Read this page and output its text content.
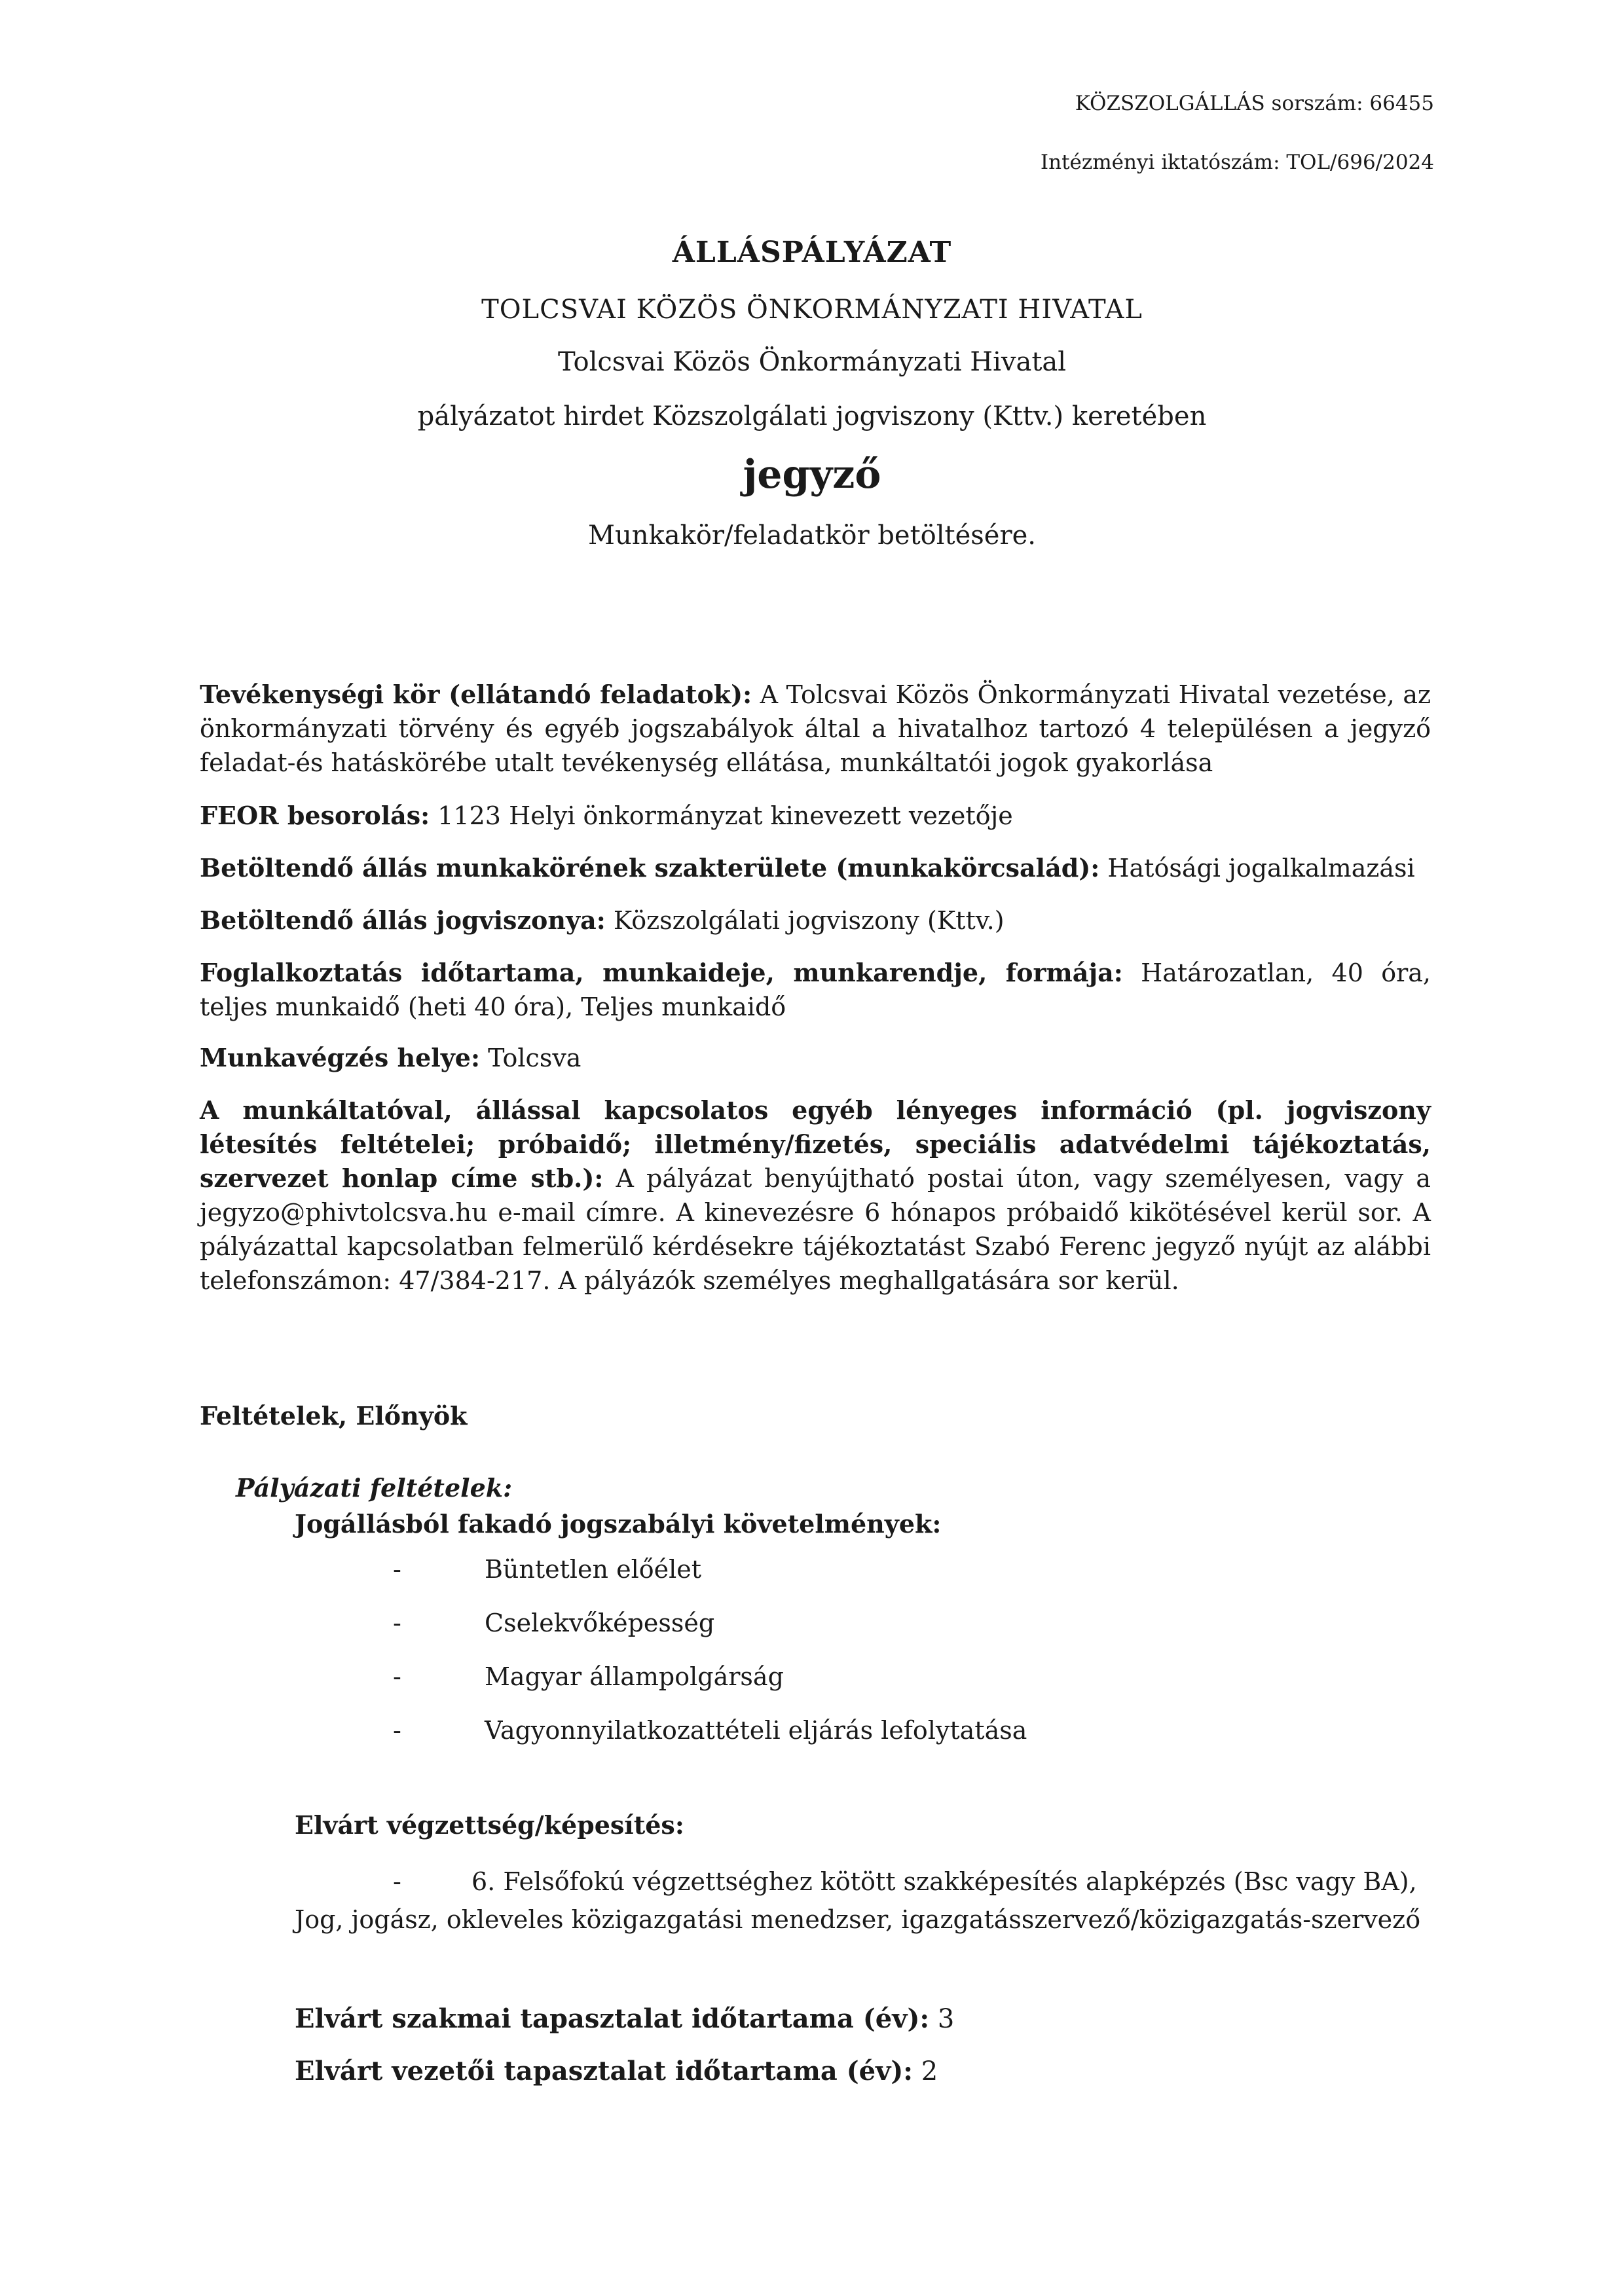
KÖZSZOLGÁLLÁS sorszám: 66455
Intézményi iktatószám: TOL/696/2024
ÁLLÁSPÁLYÁZAT
TOLCSVAI KÖZÖS ÖNKORMÁNYZATI HIVATAL
Tolcsvai Közös Önkormányzati Hivatal
pályázatot hirdet Közszolgálati jogviszony (Kttv.) keretében
jegyző
Munkakör/feladatkör betöltésére.
Tevékenységi kör (ellátandó feladatok): A Tolcsvai Közös Önkormányzati Hivatal vezetése, az önkormányzati törvény és egyéb jogszabályok által a hivatalhoz tartozó 4 településen a jegyző feladat-és hatáskörébe utalt tevékenység ellátása, munkáltatói jogok gyakorlása
FEOR besorolás: 1123 Helyi önkormányzat kinevezett vezetője
Betöltendő állás munkakörének szakterülete (munkakörcsalád): Hatósági jogalkalmazási
Betöltendő állás jogviszonya: Közszolgálati jogviszony (Kttv.)
Foglalkoztatás időtartama, munkaideje, munkarendje, formája: Határozatlan, 40 óra, teljes munkaidő (heti 40 óra), Teljes munkaidő
Munkavégzés helye: Tolcsva
A munkáltatóval, állással kapcsolatos egyéb lényeges információ (pl. jogviszony létesítés feltételei; próbaidő; illetmény/fizetés, speciális adatvédelmi tájékoztatás, szervezet honlap címe stb.): A pályázat benyújtható postai úton, vagy személyesen, vagy a jegyzo@phivtolcsva.hu e-mail címre. A kinevezésre 6 hónapos próbaidő kikötésével kerül sor. A pályázattal kapcsolatban felmerülő kérdésekre tájékoztatást Szabó Ferenc jegyző nyújt az alábbi telefonszámon: 47/384-217. A pályázók személyes meghallgatására sor kerül.
Feltételek, Előnyök
Pályázati feltételek:
Jogállásból fakadó jogszabályi követelmények:
-	Büntetlen előélet
-	Cselekvőképesség
-	Magyar állampolgárság
-	Vagyonnyilatkozattételi eljárás lefolytatása
Elvárt végzettség/képesítés:
-	6. Felsőfokú végzettséghez kötött szakképesítés alapképzés (Bsc vagy BA), Jog, jogász, okleveles közigazgatási menedzser, igazgatásszervező/közigazgatás-szervező
Elvárt szakmai tapasztalat időtartama (év): 3
Elvárt vezetői tapasztalat időtartama (év): 2
